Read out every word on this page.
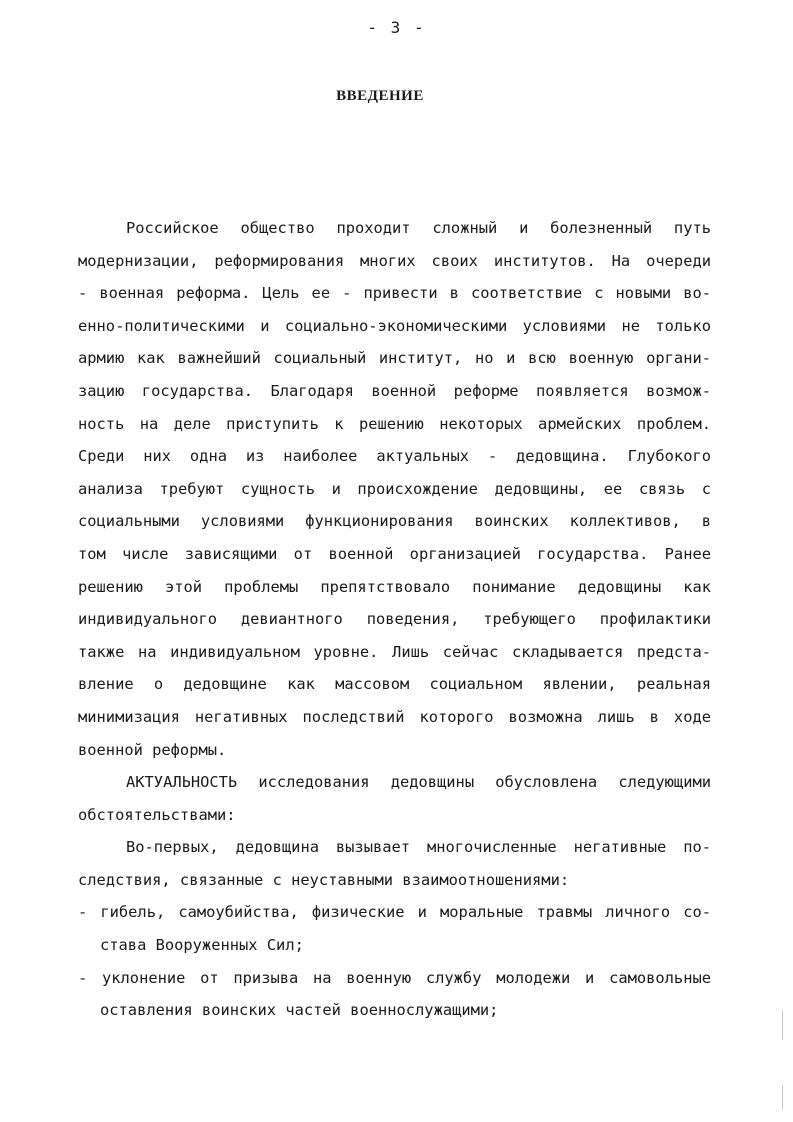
- 3 -
ВВЕДЕНИЕ
Российское общество проходит сложный и болезненный путь
модернизации, реформирования многих своих институтов. На очереди
- военная реформа. Цель ее - привести в соответствие с новыми во-
енно-политическими и социально-экономическими условиями не только
армию как важнейший социальный институт, но и всю военную органи-
зацию государства. Благодаря военной реформе появляется возмож-
ность на деле приступить к решению некоторых армейских проблем.
Среди них одна из наиболее актуальных - дедовщина. Глубокого
анализа требуют сущность и происхождение дедовщины, ее связь с
социальными условиями функционирования воинских коллективов, в
том числе зависящими от военной организацией государства. Ранее
решению этой проблемы препятствовало понимание дедовщины как
индивидуального девиантного поведения, требующего профилактики
также на индивидуальном уровне. Лишь сейчас складывается предста-
вление о дедовщине как массовом социальном явлении, реальная
минимизация негативных последствий которого возможна лишь в ходе
военной реформы.
АКТУАЛЬНОСТЬ исследования дедовщины обусловлена следующими
обстоятельствами:
Во-первых, дедовщина вызывает многочисленные негативные по-
следствия, связанные с неуставными взаимоотношениями:
- гибель, самоубийства, физические и моральные травмы личного со-
става Вооруженных Сил;
- уклонение от призыва на военную службу молодежи и самовольные
оставления воинских частей военнослужащими;
